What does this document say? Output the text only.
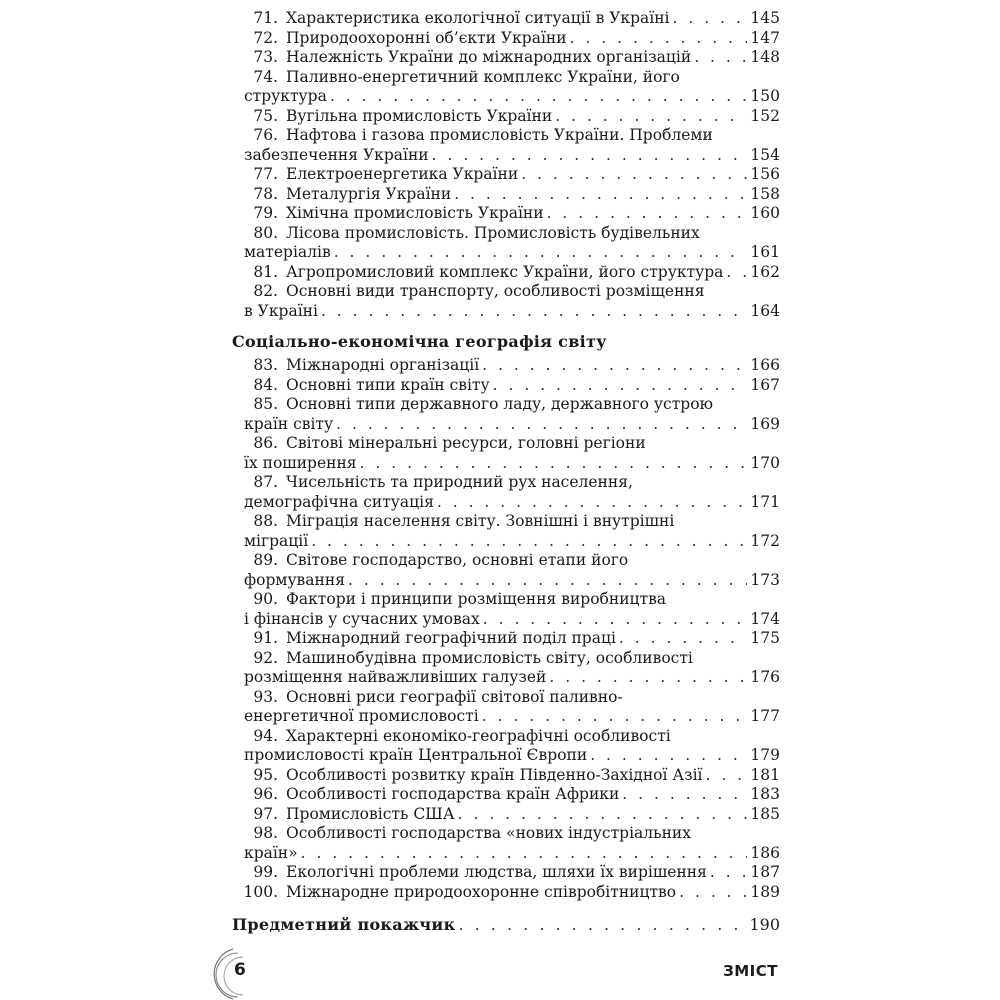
71. Характеристика екологічної ситуації в Україні . . .	145
72. Природоохоронні об’єкти України . . .	147
73. Належність України до міжнародних організацій . . .	148
74. Паливно-енергетичний комплекс України, його
структура . . .	150
75. Вугільна промисловість України . . .	152
76. Нафтова і газова промисловість України. Проблеми
забезпечення України . . .	154
77. Електроенергетика України . . .	156
78. Металургія України . . .	158
79. Хімічна промисловість України . . .	160
80. Лісова промисловість. Промисловість будівельних
матеріалів . . .	161
81. Агропромисловий комплекс України, його структура . . . 162
82. Основні види транспорту, особливості розміщення
в Україні . . .	164
Соціально-економічна географія світу
83. Міжнародні організації . . .	166
84. Основні типи країн світу . . .	167
85. Основні типи державного ладу, державного устрою
країн світу . . .	169
86. Світові мінеральні ресурси, головні регіони
їх поширення . . .	170
87. Чисельність та природний рух населення,
демографічна ситуація . . .	171
88. Міграція населення світу. Зовнішні і внутрішні
міграції . . .	172
89. Світове господарство, основні етапи його
формування . . .	173
90. Фактори і принципи розміщення виробництва
і фінансів у сучасних умовах . . .	174
91. Міжнародний географічний поділ праці . . .	175
92. Машинобудівна промисловість світу, особливості
розміщення найважливіших галузей . . .	176
93. Основні риси географії світової паливно-
енергетичної промисловості . . .	177
94. Характерні економіко-географічні особливості
промисловості країн Центральної Європи . . .	179
95. Особливості розвитку країн Південно-Західної Азії . . .	181
96. Особливості господарства країн Африки . . .	183
97. Промисловість США . . .	185
98. Особливості господарства «нових індустріальних
країн» . . .	186
99. Екологічні проблеми людства, шляхи їх вирішення . . .	187
100. Міжнародне природоохоронне співробітництво . . .	189
Предметний покажчик . . .	190
6	ЗМІСТ
